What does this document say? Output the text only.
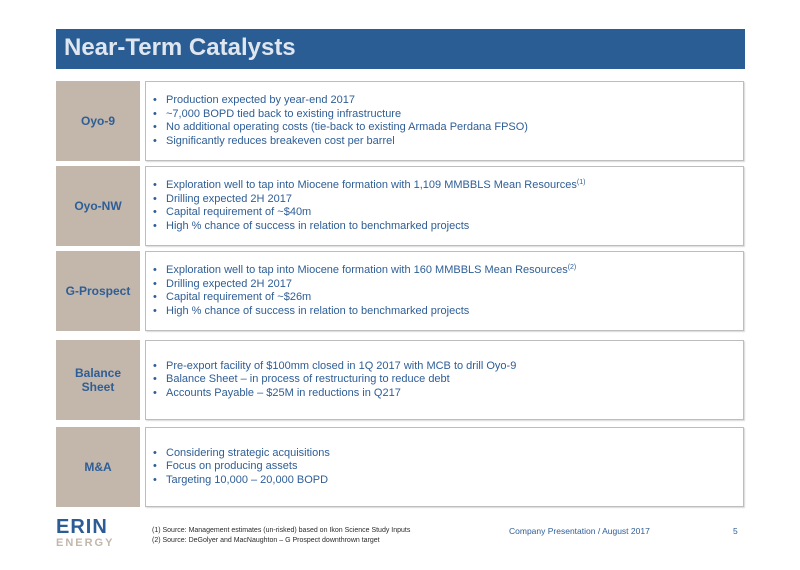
Near-Term Catalysts
Oyo-9
• Production expected by year-end 2017
• ~7,000 BOPD tied back to existing infrastructure
• No additional operating costs (tie-back to existing Armada Perdana FPSO)
• Significantly reduces breakeven cost per barrel
Oyo-NW
• Exploration well to tap into Miocene formation with 1,109 MMBBLS Mean Resources$^{(1)}$
• Drilling expected 2H 2017
• Capital requirement of ~$40m
• High % chance of success in relation to benchmarked projects
G-Prospect
• Exploration well to tap into Miocene formation with 160 MMBBLS Mean Resources$^{(2)}$
• Drilling expected 2H 2017
• Capital requirement of ~$26m
• High % chance of success in relation to benchmarked projects
Balance
Sheet
• Pre-export facility of $100mm closed in 1Q 2017 with MCB to drill Oyo-9
• Balance Sheet – in process of restructuring to reduce debt
• Accounts Payable – $25M in reductions in Q217
M&A
• Considering strategic acquisitions
• Focus on producing assets
• Targeting 10,000 – 20,000 BOPD
ERIN
ENERGY
(1) Source: Management estimates (un-risked) based on Ikon Science Study Inputs
(2) Source: DeGolyer and MacNaughton – G Prospect downthrown target
Company Presentation / August 2017	5
